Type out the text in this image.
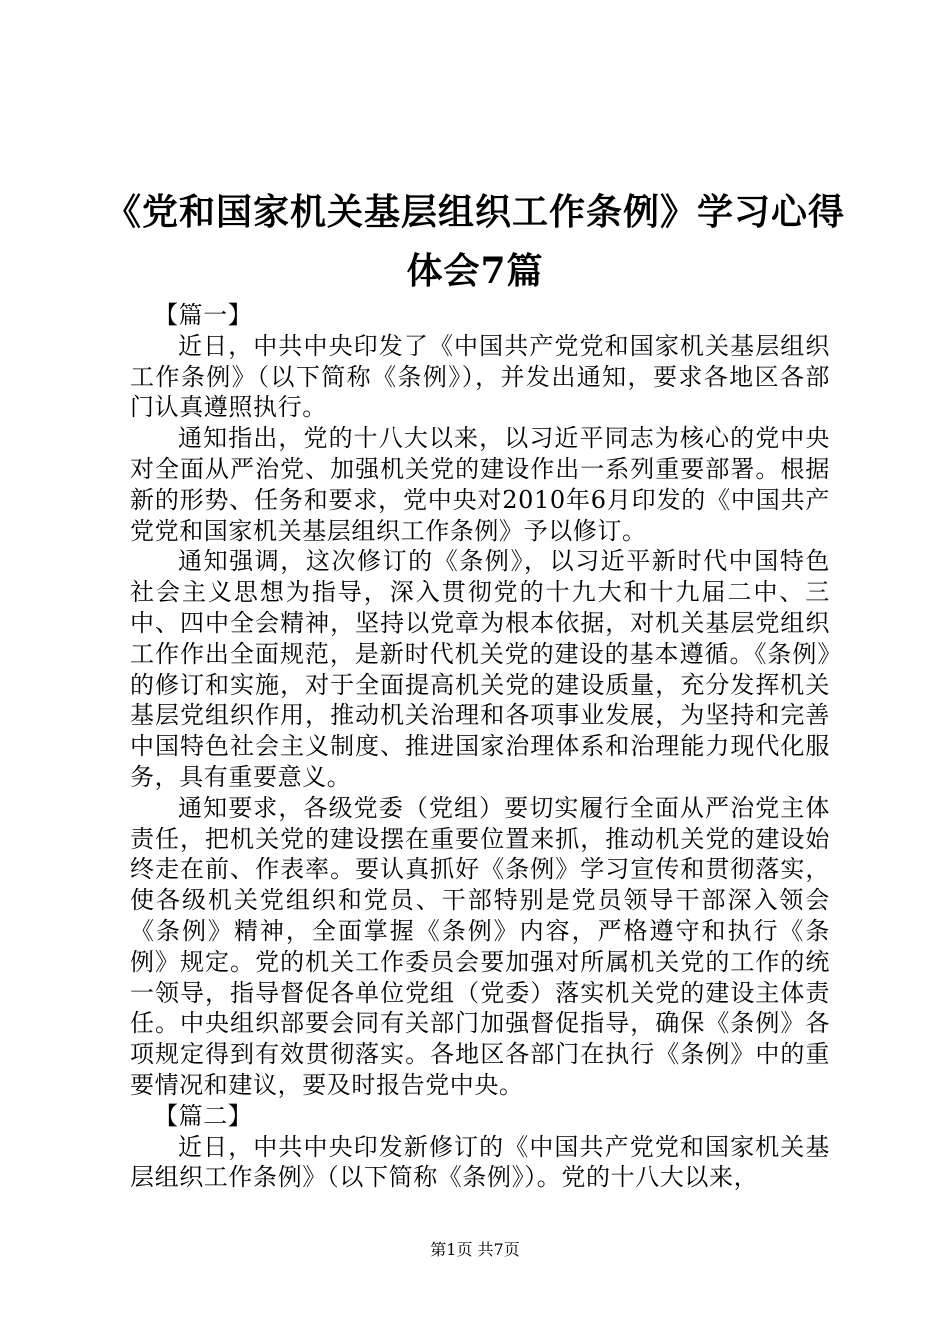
《党和国家机关基层组织工作条例》学习心得
体会7篇

【篇一】

近日，中共中央印发了《中国共产党党和国家机关基层组织工作条例》（以下简称《条例》），并发出通知，要求各地区各部门认真遵照执行。

通知指出，党的十八大以来，以习近平同志为核心的党中央对全面从严治党、加强机关党的建设作出一系列重要部署。根据新的形势、任务和要求，党中央对2010年6月印发的《中国共产党党和国家机关基层组织工作条例》予以修订。

通知强调，这次修订的《条例》，以习近平新时代中国特色社会主义思想为指导，深入贯彻党的十九大和十九届二中、三中、四中全会精神，坚持以党章为根本依据，对机关基层党组织工作作出全面规范，是新时代机关党的建设的基本遵循。《条例》的修订和实施，对于全面提高机关党的建设质量，充分发挥机关基层党组织作用，推动机关治理和各项事业发展，为坚持和完善中国特色社会主义制度、推进国家治理体系和治理能力现代化服务，具有重要意义。

通知要求，各级党委（党组）要切实履行全面从严治党主体责任，把机关党的建设摆在重要位置来抓，推动机关党的建设始终走在前、作表率。要认真抓好《条例》学习宣传和贯彻落实，使各级机关党组织和党员、干部特别是党员领导干部深入领会《条例》精神，全面掌握《条例》内容，严格遵守和执行《条例》规定。党的机关工作委员会要加强对所属机关党的工作的统一领导，指导督促各单位党组（党委）落实机关党的建设主体责任。中央组织部要会同有关部门加强督促指导，确保《条例》各项规定得到有效贯彻落实。各地区各部门在执行《条例》中的重要情况和建议，要及时报告党中央。

【篇二】

近日，中共中央印发新修订的《中国共产党党和国家机关基层组织工作条例》（以下简称《条例》）。党的十八大以来，

第1页 共7页
